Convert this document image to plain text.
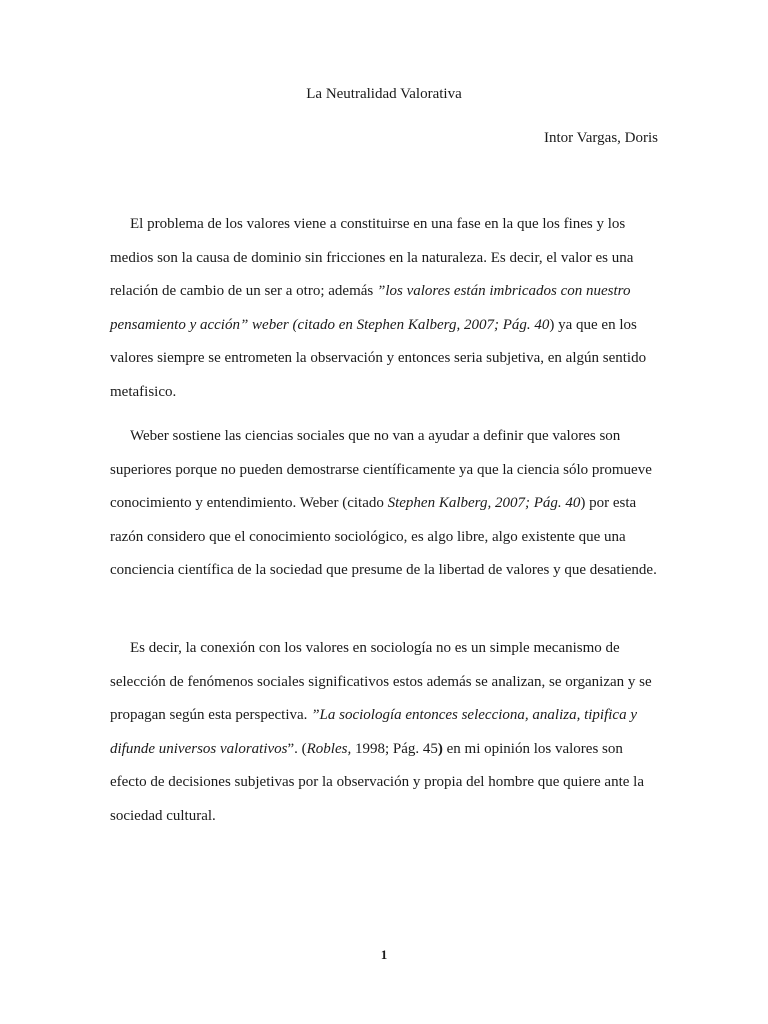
La Neutralidad Valorativa
Intor Vargas, Doris

El problema de los valores viene a constituirse en una fase en la que los fines y los medios son la causa de dominio sin fricciones en la naturaleza. Es decir, el valor es una relación de cambio de un ser a otro; además ”los valores están imbricados con nuestro pensamiento y acción” weber (citado en Stephen Kalberg, 2007; Pág. 40) ya que en los valores siempre se entrometen la observación y entonces seria subjetiva, en algún sentido metafisico.

Weber sostiene las ciencias sociales que no van a ayudar a definir que valores son superiores porque no pueden demostrarse científicamente ya que la ciencia sólo promueve conocimiento y entendimiento. Weber (citado Stephen Kalberg, 2007; Pág. 40) por esta razón considero que el conocimiento sociológico, es algo libre, algo existente que una conciencia científica de la sociedad que presume de la libertad de valores y que desatiende.

Es decir, la conexión con los valores en sociología no es un simple mecanismo de selección de fenómenos sociales significativos estos además se analizan, se organizan y se propagan según esta perspectiva. ”La sociología entonces selecciona, analiza, tipifica y difunde universos valorativos”. (Robles, 1998; Pág. 45) en mi opinión los valores son efecto de decisiones subjetivas por la observación y propia del hombre que quiere ante la sociedad cultural.

1
